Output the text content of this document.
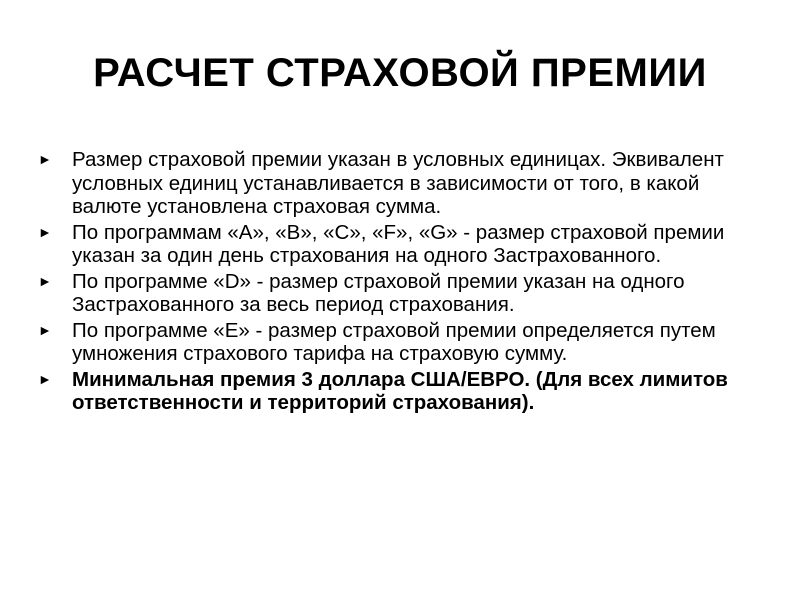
РАСЧЕТ СТРАХОВОЙ ПРЕМИИ
► Размер страховой премии указан в условных единицах. Эквивалент условных единиц устанавливается в зависимости от того, в какой валюте установлена страховая сумма.
► По программам «A», «B», «C», «F», «G» - размер страховой премии указан за один день страхования на одного Застрахованного.
► По программе «D» - размер страховой премии указан на одного Застрахованного за весь период страхования.
► По программе «E» - размер страховой премии определяется путем умножения страхового тарифа на страховую сумму.
► Минимальная премия 3 доллара США/ЕВРО. (Для всех лимитов ответственности и территорий страхования).
